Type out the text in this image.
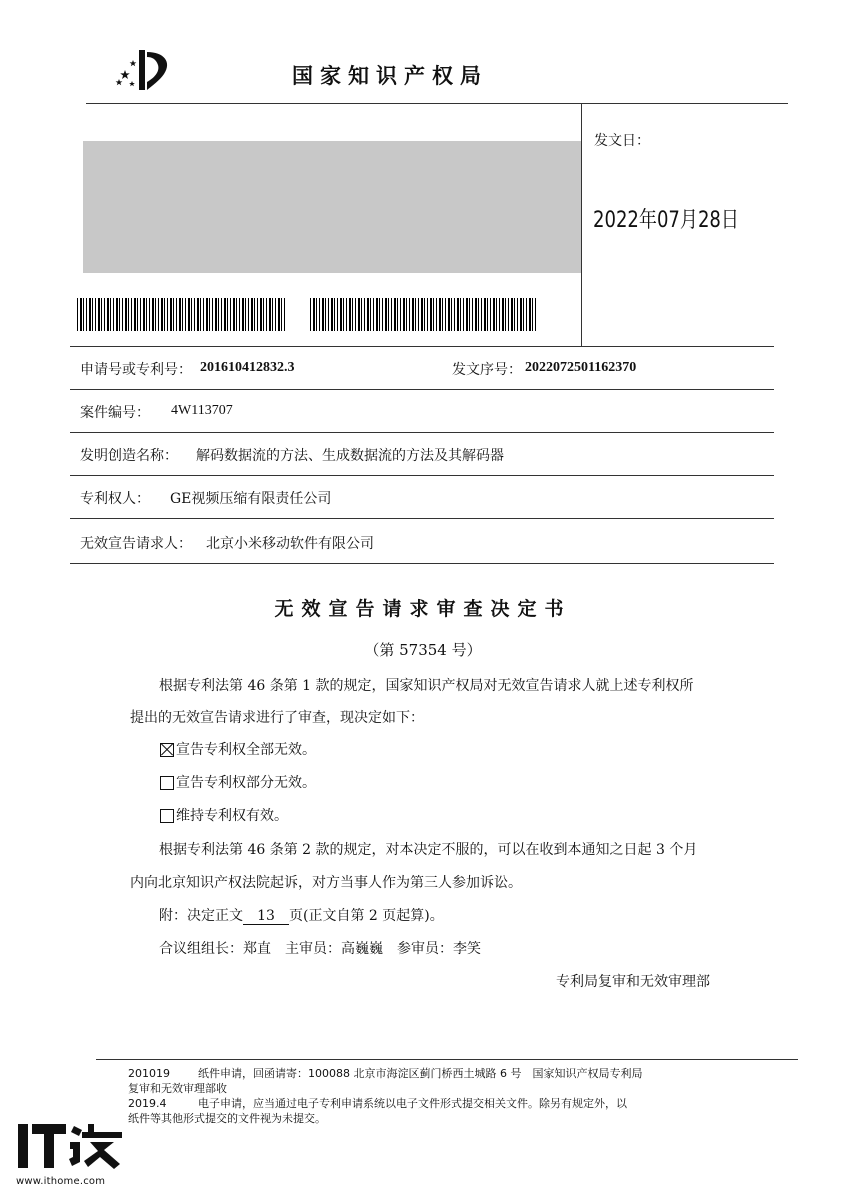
国家知识产权局
发文日：
2022年07月28日
申请号或专利号： 201610412832.3	发文序号： 2022072501162370
案件编号： 4W113707
发明创造名称： 解码数据流的方法、生成数据流的方法及其解码器
专利权人： GE视频压缩有限责任公司
无效宣告请求人： 北京小米移动软件有限公司
无效宣告请求审查决定书
（第 57354 号）
根据专利法第 46 条第 1 款的规定，国家知识产权局对无效宣告请求人就上述专利权所
提出的无效宣告请求进行了审查，现决定如下：
宣告专利权全部无效。
宣告专利权部分无效。
维持专利权有效。
根据专利法第 46 条第 2 款的规定，对本决定不服的，可以在收到本通知之日起 3 个月
内向北京知识产权法院起诉，对方当事人作为第三人参加诉讼。
附：决定正文 13 页(正文自第 2 页起算)。
合议组组长：郑直　主审员：高巍巍　参审员：李笑
专利局复审和无效审理部
201019	纸件申请，回函请寄：100088 北京市海淀区蓟门桥西土城路 6 号　国家知识产权局专利局
复审和无效审理部收
2019.4	电子申请，应当通过电子专利申请系统以电子文件形式提交相关文件。除另有规定外，以
纸件等其他形式提交的文件视为未提交。
www.ithome.com
